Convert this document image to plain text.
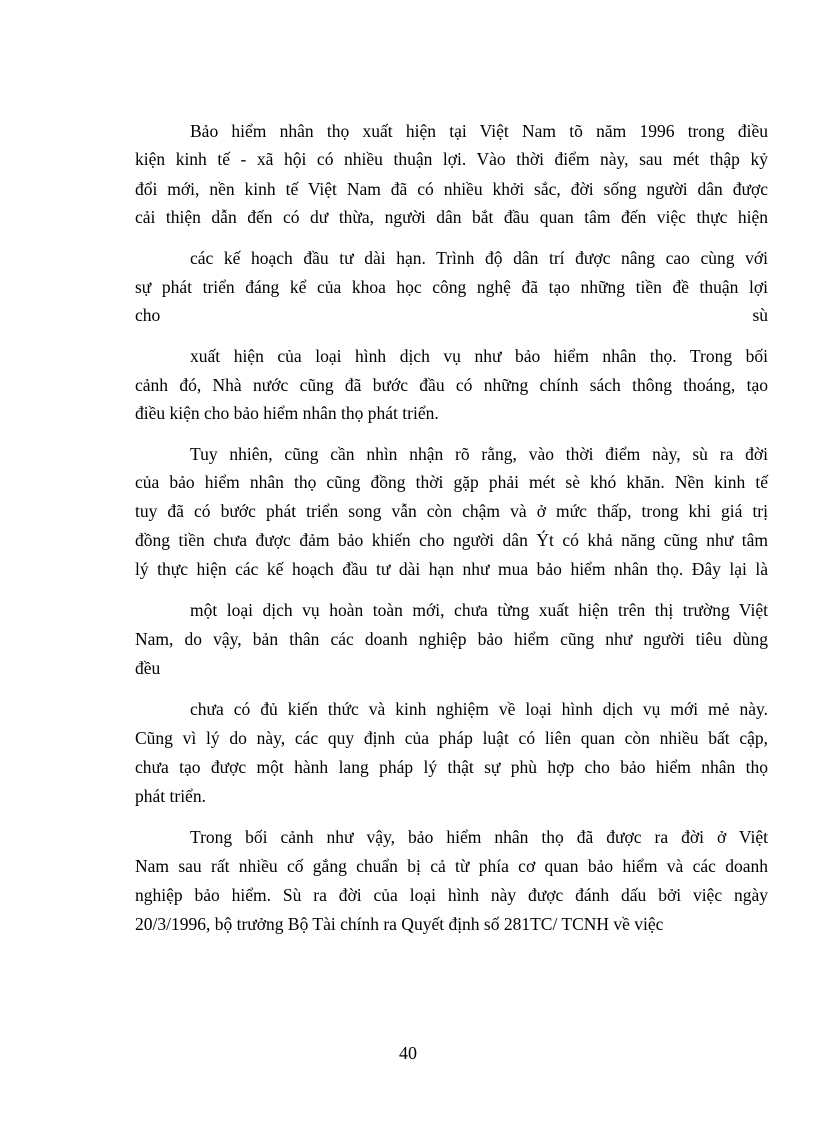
Bảo hiểm nhân thọ xuất hiện tại Việt Nam tõ năm 1996 trong điều
kiện kinh tế - xã hội có nhiều thuận lợi. Vào thời điểm này, sau mét thập kỷ
đổi mới, nền kinh tế Việt Nam đã có nhiều khởi sắc, đời sống người dân được
cải thiện dẫn đến có dư thừa, người dân bắt đầu quan tâm đến việc thực hiện
các kế hoạch đầu tư dài hạn. Trình độ dân trí được nâng cao cùng với
sự phát triển đáng kể của khoa học công nghệ đã tạo những tiền đề thuận lợi
cho	sù
xuất hiện của loại hình dịch vụ như bảo hiểm nhân thọ. Trong bối
cảnh đó, Nhà nước cũng đã bước đầu có những chính sách thông thoáng, tạo
điều kiện cho bảo hiểm nhân thọ phát triển.
Tuy nhiên, cũng cần nhìn nhận rõ rằng, vào thời điểm này, sù ra đời
của bảo hiểm nhân thọ cũng đồng thời gặp phải mét sè khó khăn. Nền kinh tế
tuy đã có bước phát triển song vẫn còn chậm và ở mức thấp, trong khi giá trị
đồng tiền chưa được đảm bảo khiến cho người dân Ýt có khả năng cũng như tâm
lý thực hiện các kế hoạch đầu tư dài hạn như mua bảo hiểm nhân thọ. Đây lại là
một loại dịch vụ hoàn toàn mới, chưa từng xuất hiện trên thị trường Việt
Nam, do vậy, bản thân các doanh nghiệp bảo hiểm cũng như người tiêu dùng
đều
chưa có đủ kiến thức và kinh nghiệm về loại hình dịch vụ mới mẻ này.
Cũng vì lý do này, các quy định của pháp luật có liên quan còn nhiều bất cập,
chưa tạo được một hành lang pháp lý thật sự phù hợp cho bảo hiểm nhân thọ
phát triển.
Trong bối cảnh như vậy, bảo hiểm nhân thọ đã được ra đời ở Việt
Nam sau rất nhiều cố gắng chuẩn bị cả từ phía cơ quan bảo hiểm và các doanh
nghiệp bảo hiểm. Sù ra đời của loại hình này được đánh dấu bởi việc ngày
20/3/1996, bộ trưởng Bộ Tài chính ra Quyết định số 281TC/ TCNH về việc
40
